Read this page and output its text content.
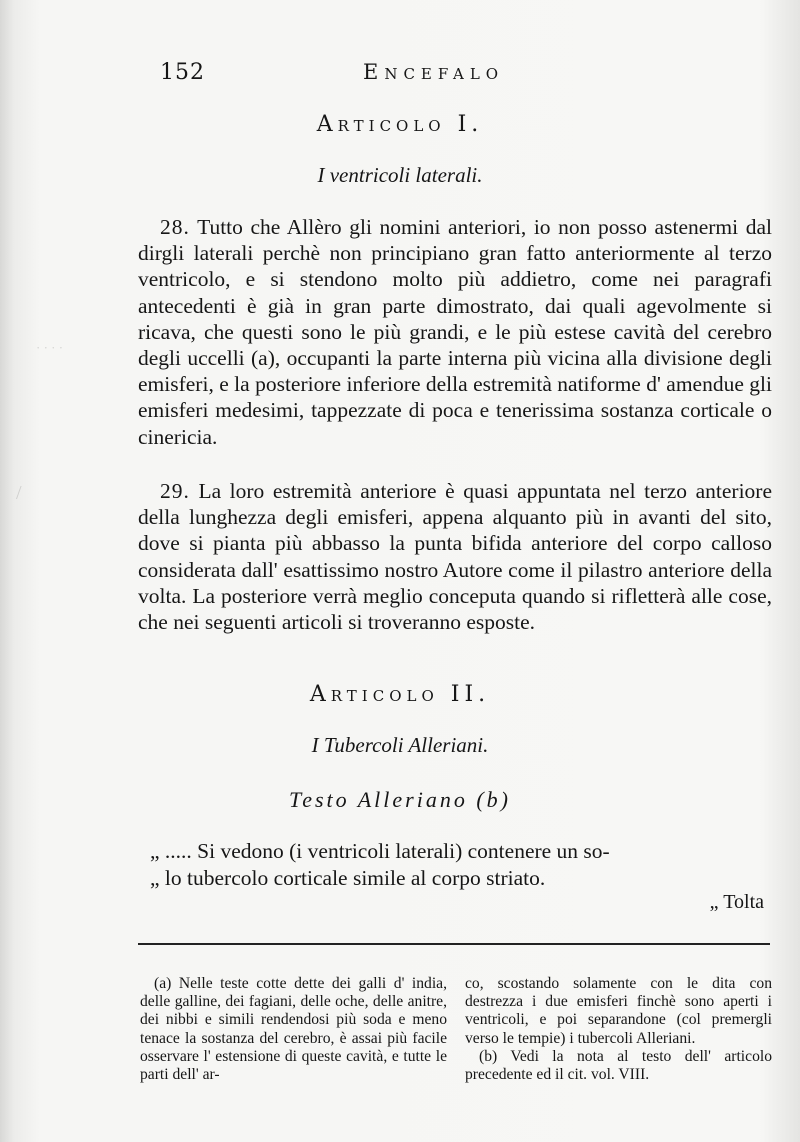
· · · ·
/
152	Encefalo
Articolo I.
I ventricoli laterali.

28. Tutto che Allèro gli nomini anteriori, io non posso astenermi dal dirgli laterali perchè non principiano gran fatto anteriormente al terzo ventricolo, e si stendono molto più addietro, come nei paragrafi antecedenti è già in gran parte dimostrato, dai quali agevolmente si ricava, che questi sono le più grandi, e le più estese cavità del cerebro degli uccelli (a), occupanti la parte interna più vicina alla divisione degli emisferi, e la posteriore inferiore della estremità natiforme d' amendue gli emisferi medesimi, tappezzate di poca e tenerissima sostanza corticale o cinericia.

29. La loro estremità anteriore è quasi appuntata nel terzo anteriore della lunghezza degli emisferi, appena alquanto più in avanti del sito, dove si pianta più abbasso la punta bifida anteriore del corpo calloso considerata dall' esattissimo nostro Autore come il pilastro anteriore della volta. La posteriore verrà meglio conceputa quando si rifletterà alle cose, che nei seguenti articoli si troveranno esposte.

Articolo II.
I Tubercoli Alleriani.
Testo Alleriano (b)
„ ..... Si vedono (i ventricoli laterali) contenere un so-
„ lo tubercolo corticale simile al corpo striato.
„ Tolta

(a) Nelle teste cotte dette dei galli d' india, delle galline, dei fagiani, delle oche, delle anitre, dei nibbi e simili rendendosi più soda e meno tenace la sostanza del cerebro, è assai più facile osservare l' estensione di queste cavità, e tutte le parti dell' ar-

co, scostando solamente con le dita con destrezza i due emisferi finchè sono aperti i ventricoli, e poi separandone (col premergli verso le tempie) i tubercoli Alleriani.

(b) Vedi la nota al testo dell' articolo precedente ed il cit. vol. VIII.
